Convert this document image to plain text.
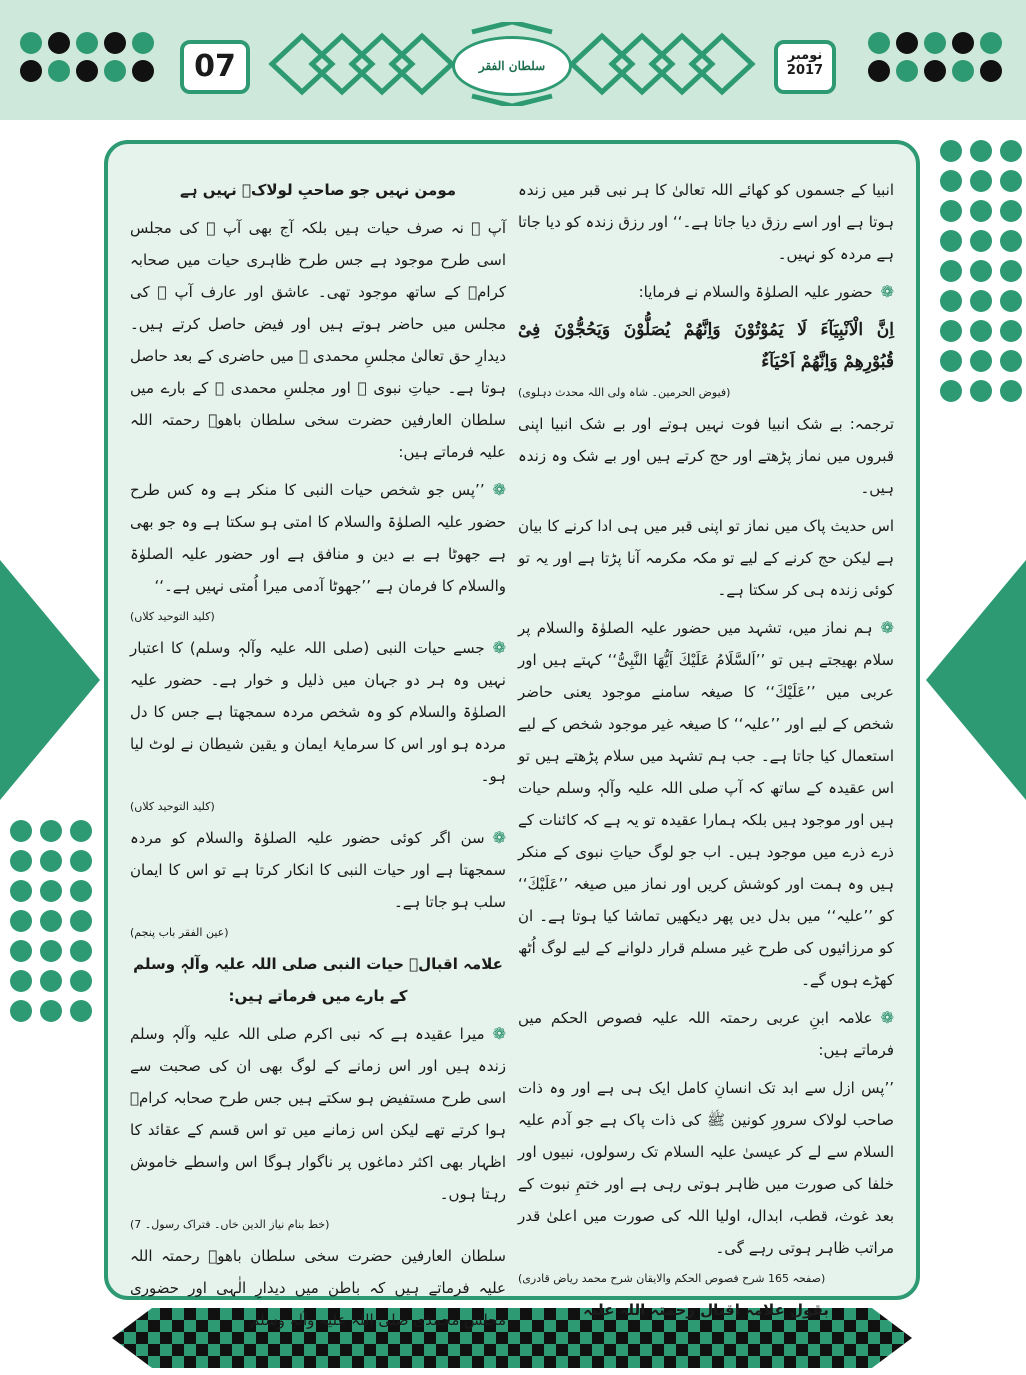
سلطان الفقر
07	نومبر
2017

انبیا کے جسموں کو کھائے اللہ تعالیٰ کا ہر نبی قبر میں زندہ ہوتا ہے اور اسے رزق دیا جاتا ہے۔‘‘ اور رزق زندہ کو دیا جاتا ہے مردہ کو نہیں۔

❁حضور علیہ الصلوٰۃ والسلام نے فرمایا:

اِنَّ الْاَنْبِیَآءَ لَا یَمُوْتُوْنَ وَاِنَّھُمْ یُصَلُّوْنَ وَیَحُجُّوْنَ فِیْ قُبُوْرِھِمْ وَاِنَّھُمْ اَحْیَآءٌ

(فیوض الحرمین۔ شاہ ولی اللہ محدث دہلوی)

ترجمہ: بے شک انبیا فوت نہیں ہوتے اور بے شک انبیا اپنی قبروں میں نماز پڑھتے اور حج کرتے ہیں اور بے شک وہ زندہ ہیں۔

اس حدیث پاک میں نماز تو اپنی قبر میں ہی ادا کرنے کا بیان ہے لیکن حج کرنے کے لیے تو مکہ مکرمہ آنا پڑتا ہے اور یہ تو کوئی زندہ ہی کر سکتا ہے۔

❁ہم نماز میں، تشہد میں حضور علیہ الصلوٰۃ والسلام پر سلام بھیجتے ہیں تو ’’اَلسَّلَامُ عَلَیْكَ اَیُّھَا النَّبِیُّ‘‘ کہتے ہیں اور عربی میں ’’عَلَیْكَ‘‘ کا صیغہ سامنے موجود یعنی حاضر شخص کے لیے اور ’’علیہ‘‘ کا صیغہ غیر موجود شخص کے لیے استعمال کیا جاتا ہے۔ جب ہم تشہد میں سلام پڑھتے ہیں تو اس عقیدہ کے ساتھ کہ آپ صلی اللہ علیہ وآلہٖ وسلم حیات ہیں اور موجود ہیں بلکہ ہمارا عقیدہ تو یہ ہے کہ کائنات کے ذرے ذرے میں موجود ہیں۔ اب جو لوگ حیاتِ نبوی کے منکر ہیں وہ ہمت اور کوشش کریں اور نماز میں صیغہ ’’عَلَیْكَ‘‘ کو ’’علیہ‘‘ میں بدل دیں پھر دیکھیں تماشا کیا ہوتا ہے۔ ان کو مرزائیوں کی طرح غیر مسلم قرار دلوانے کے لیے لوگ اُٹھ کھڑے ہوں گے۔

❁علامہ ابنِ عربی رحمتہ اللہ علیہ فصوص الحکم میں فرماتے ہیں:

’’پس ازل سے ابد تک انسانِ کامل ایک ہی ہے اور وہ ذات صاحب لولاک سرورِ کونین ﷺ کی ذات پاک ہے جو آدم علیہ السلام سے لے کر عیسیٰ علیہ السلام تک رسولوں، نبیوں اور خلفا کی صورت میں ظاہر ہوتی رہی ہے اور ختمِ نبوت کے بعد غوث، قطب، ابدال، اولیا اللہ کی صورت میں اعلیٰ قدر مراتب ظاہر ہوتی رہے گی۔

(صفحہ 165 شرح فصوص الحکم والایقان شرح محمد ریاض قادری)

بقول علامہ اقبال رحمتہ اللہ علیہ

مومن نہیں جو صاحبِ لولاکؐ نہیں ہے

آپ ﷺ نہ صرف حیات ہیں بلکہ آج بھی آپ ﷺ کی مجلس اسی طرح موجود ہے جس طرح ظاہری حیات میں صحابہ کرامؓ کے ساتھ موجود تھی۔ عاشق اور عارف آپ ﷺ کی مجلس میں حاضر ہوتے ہیں اور فیض حاصل کرتے ہیں۔ دیدارِ حق تعالیٰ مجلسِ محمدی ﷺ میں حاضری کے بعد حاصل ہوتا ہے۔ حیاتِ نبوی ﷺ اور مجلسِ محمدی ﷺ کے بارے میں سلطان العارفین حضرت سخی سلطان باھوؒ رحمتہ اللہ علیہ فرماتے ہیں:

❁’’پس جو شخص حیات النبی کا منکر ہے وہ کس طرح حضور علیہ الصلوٰۃ والسلام کا امتی ہو سکتا ہے وہ جو بھی ہے جھوٹا ہے بے دین و منافق ہے اور حضور علیہ الصلوٰۃ والسلام کا فرمان ہے ’’جھوٹا آدمی میرا اُمتی نہیں ہے۔‘‘

(کلید التوحید کلاں)

❁جسے حیات النبی (صلی اللہ علیہ وآلہٖ وسلم) کا اعتبار نہیں وہ ہر دو جہان میں ذلیل و خوار ہے۔ حضور علیہ الصلوٰۃ والسلام کو وہ شخص مردہ سمجھتا ہے جس کا دل مردہ ہو اور اس کا سرمایۂ ایمان و یقین شیطان نے لوٹ لیا ہو۔

(کلید التوحید کلاں)

❁سن اگر کوئی حضور علیہ الصلوٰۃ والسلام کو مردہ سمجھتا ہے اور حیات النبی کا انکار کرتا ہے تو اس کا ایمان سلب ہو جاتا ہے۔

(عین الفقر باب پنجم)

علامہ اقبالؒ حیات النبی صلی اللہ علیہ وآلہٖ وسلم کے بارے میں فرماتے ہیں:

❁میرا عقیدہ ہے کہ نبی اکرم صلی اللہ علیہ وآلہٖ وسلم زندہ ہیں اور اس زمانے کے لوگ بھی ان کی صحبت سے اسی طرح مستفیض ہو سکتے ہیں جس طرح صحابہ کرامؓ ہوا کرتے تھے لیکن اس زمانے میں تو اس قسم کے عقائد کا اظہار بھی اکثر دماغوں پر ناگوار ہوگا اس واسطے خاموش رہتا ہوں۔

(خط بنام نیاز الدین خاں۔ فتراک رسول۔ 7)

سلطان العارفین حضرت سخی سلطان باھوؒ رحمتہ اللہ علیہ فرماتے ہیں کہ باطن میں دیدارِ الٰہی اور حضوری مجلسِ محمدی صلی اللہ علیہ وآلہٖ وسلم
